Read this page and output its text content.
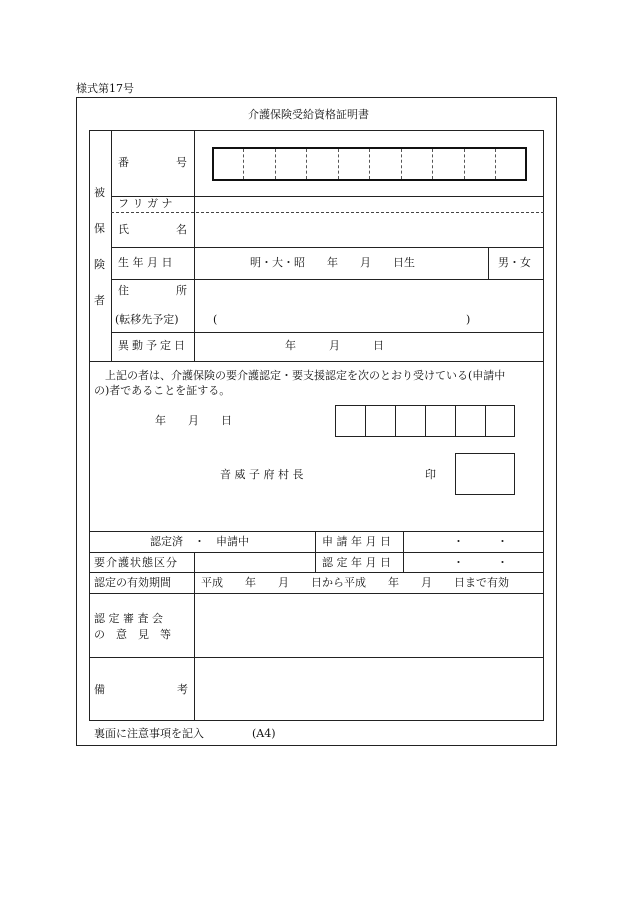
様式第17号
介護保険受給資格証明書
被
保
険
者
番	号
フ リ ガ ナ
氏	名
生 年 月 日	明・大・昭　　年　　月　　日生	男・女
住	所
(転移先予定)	(	)
異動予定日	年　　　月　　　日
上記の者は、介護保険の要介護認定・要支援認定を次のとおり受けている(申請中
の)者であることを証する。
年　　月　　日
音 威 子 府 村 長	印
認定済　・　申請中	申 請 年 月 日	・　　　・
要介護状態区分	認 定 年 月 日	・　　　・
認定の有効期間	平成　　年　　月　　日から平成　　年　　月　　日まで有効
認 定 審 査 会
の　意　見　等
備	考
裏面に注意事項を記入	(A4)
